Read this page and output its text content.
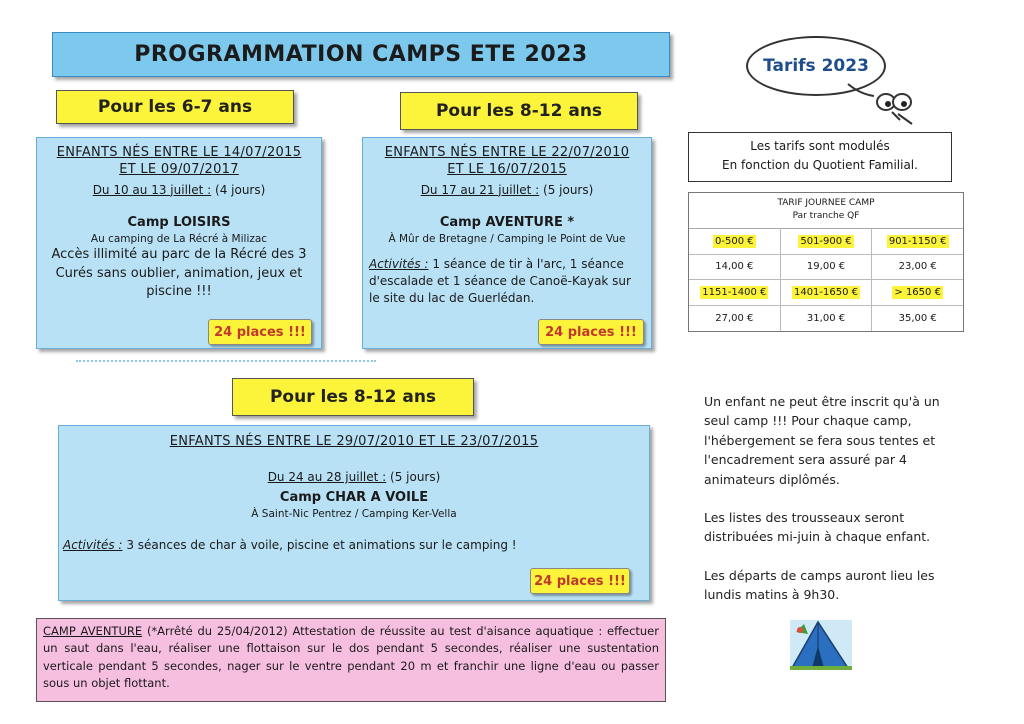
PROGRAMMATION CAMPS ETE 2023
Pour les 6-7 ans
ENFANTS NÉS ENTRE LE 14/07/2015
ET LE 09/07/2017
Du 10 au 13 juillet : (4 jours)
Camp LOISIRS
Au camping de La Récré à Milizac
Accès illimité au parc de la Récré des 3 Curés sans oublier, animation, jeux et piscine !!!
24 places !!!
Pour les 8-12 ans
ENFANTS NÉS ENTRE LE 22/07/2010
ET LE 16/07/2015
Du 17 au 21 juillet : (5 jours)
Camp AVENTURE *
À Mûr de Bretagne / Camping le Point de Vue
Activités : 1 séance de tir à l'arc, 1 séance d'escalade et 1 séance de Canoë-Kayak sur le site du lac de Guerlédan.
24 places !!!
Pour les 8-12 ans
ENFANTS NÉS ENTRE LE 29/07/2010 ET LE 23/07/2015
Du 24 au 28 juillet : (5 jours)
Camp CHAR A VOILE
À Saint-Nic Pentrez / Camping Ker-Vella
Activités : 3 séances de char à voile, piscine et animations sur le camping !
24 places !!!
CAMP AVENTURE (*Arrêté du 25/04/2012) Attestation de réussite au test d'aisance aquatique : effectuer un saut dans l'eau, réaliser une flottaison sur le dos pendant 5 secondes, réaliser une sustentation verticale pendant 5 secondes, nager sur le ventre pendant 20 m et franchir une ligne d'eau ou passer sous un objet flottant.
Tarifs 2023
Les tarifs sont modulés
En fonction du Quotient Familial.
TARIF JOURNEE CAMP
Par tranche QF
0-500 €	501-900 €	901-1150 €
14,00 €	19,00 €	23,00 €
1151-1400 €	1401-1650 €	> 1650 €
27,00 €	31,00 €	35,00 €

Un enfant ne peut être inscrit qu'à un seul camp !!! Pour chaque camp, l'hébergement se fera sous tentes et l'encadrement sera assuré par 4 animateurs diplômés.

Les listes des trousseaux seront distribuées mi-juin à chaque enfant.

Les départs de camps auront lieu les lundis matins à 9h30.
